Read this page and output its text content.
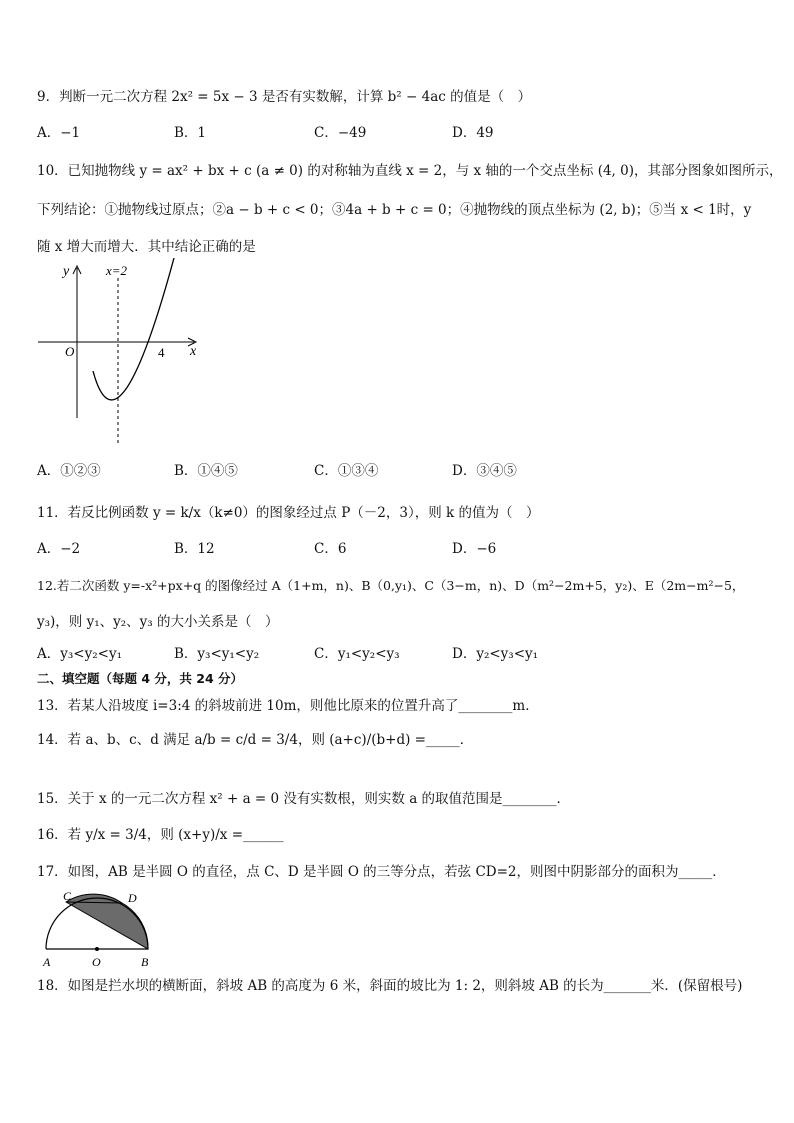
9．判断一元二次方程 2x² = 5x − 3 是否有实数解，计算 b² − 4ac 的值是（　）
A．−1	B．1	C．−49	D．49
10．已知抛物线 y = ax² + bx + c (a ≠ 0) 的对称轴为直线 x = 2，与 x 轴的一个交点坐标 (4, 0)，其部分图象如图所示，
下列结论：①抛物线过原点；②a − b + c < 0；③4a + b + c = 0；④抛物线的顶点坐标为 (2, b)；⑤当 x < 1时，y
随 x 增大而增大．其中结论正确的是
y	x=2
O	4 x
A．①②③	B．①④⑤	C．①③④	D．③④⑤
11．若反比例函数 y = k/x（k≠0）的图象经过点 P（－2，3），则 k 的值为（　）
A．−2	B．12	C．6	D．−6
12.若二次函数 y=-x²+px+q 的图像经过 A（1+m，n)、B（0,y₁)、C（3−m，n)、D（m²−2m+5，y₂)、E（2m−m²−5，
y₃)，则 y₁、y₂、y₃ 的大小关系是（　）
A．y₃<y₂<y₁	B．y₃<y₁<y₂	C．y₁<y₂<y₃	D．y₂<y₃<y₁
二、填空题（每题 4 分，共 24 分）
13．若某人沿坡度 i=3:4 的斜坡前进 10m，则他比原来的位置升高了________m．
14．若 a、b、c、d 满足 a/b = c/d = 3/4，则 (a+c)/(b+d) =_____．
15．关于 x 的一元二次方程 x² + a = 0 没有实数根，则实数 a 的取值范围是________．
16．若 y/x = 3/4，则 (x+y)/x =______
17．如图，AB 是半圆 O 的直径，点 C、D 是半圆 O 的三等分点，若弦 CD=2，则图中阴影部分的面积为_____．
C	D
A	O	B
18．如图是拦水坝的横断面，斜坡 AB 的高度为 6 米，斜面的坡比为 1: 2，则斜坡 AB 的长为_______米．(保留根号)
